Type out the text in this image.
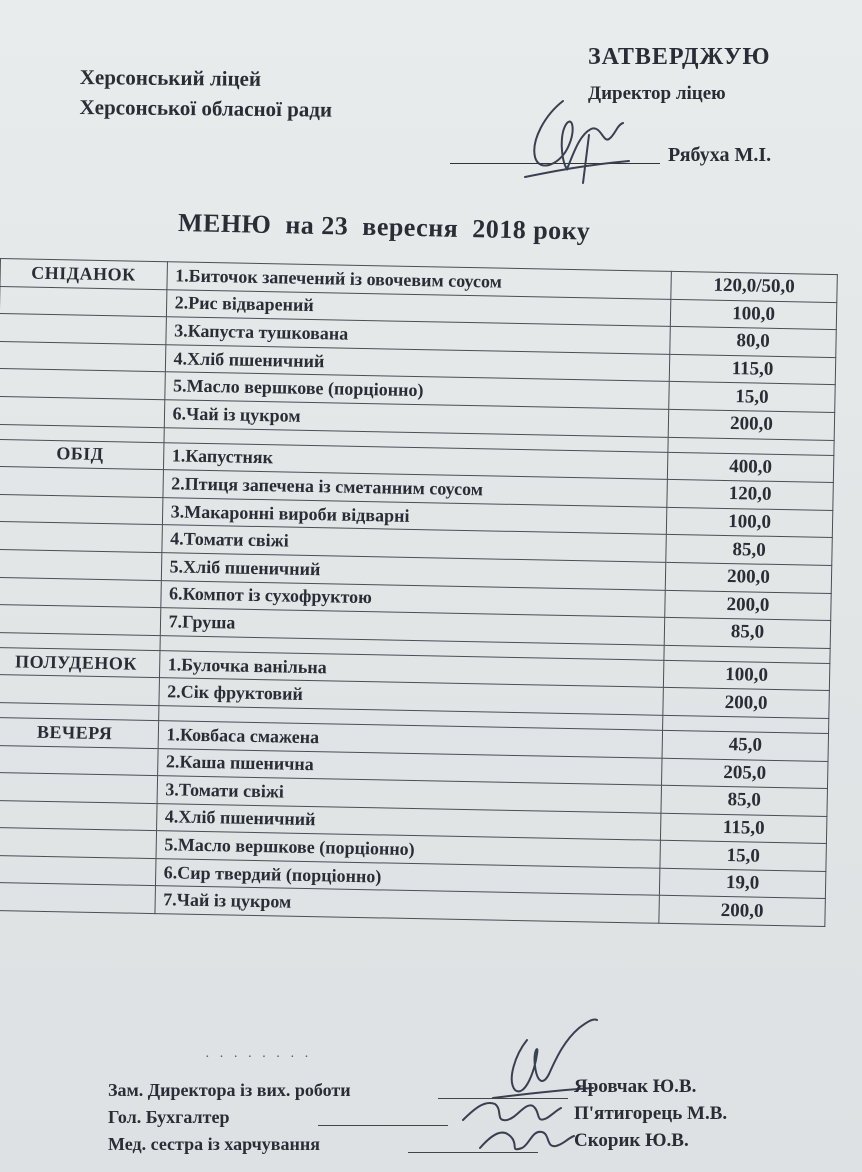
Херсонський ліцей
Херсонської обласної ради
ЗАТВЕРДЖУЮ
Директор ліцею
Рябуха М.І.
МЕНЮ  на 23  вересня  2018 року
СНІДАНОК	1.Биточок запечений із овочевим соусом	120,0/50,0
	2.Рис відварений	100,0
	3.Капуста тушкована	80,0
	4.Хліб пшеничний	115,0
	5.Масло вершкове (порціонно)	15,0
	6.Чай із цукром	200,0

ОБІД	1.Капустняк	400,0
	2.Птиця запечена із сметанним соусом	120,0
	3.Макаронні вироби відварні	100,0
	4.Томати свіжі	85,0
	5.Хліб пшеничний	200,0
	6.Компот із сухофруктою	200,0
	7.Груша	85,0

ПОЛУДЕНОК	1.Булочка ванільна	100,0
	2.Сік фруктовий	200,0

ВЕЧЕРЯ	1.Ковбаса смажена	45,0
	2.Каша пшенична	205,0
	3.Томати свіжі	85,0
	4.Хліб пшеничний	115,0
	5.Масло вершкове (порціонно)	15,0
	6.Сир твердий (порціонно)	19,0
	7.Чай із цукром	200,0
· · · · · · · ·
Зам. Директора із вих. роботи	Яровчак Ю.В.
Гол. Бухгалтер	П'ятигорець М.В.
Мед. сестра із харчування	Скорик Ю.В.
